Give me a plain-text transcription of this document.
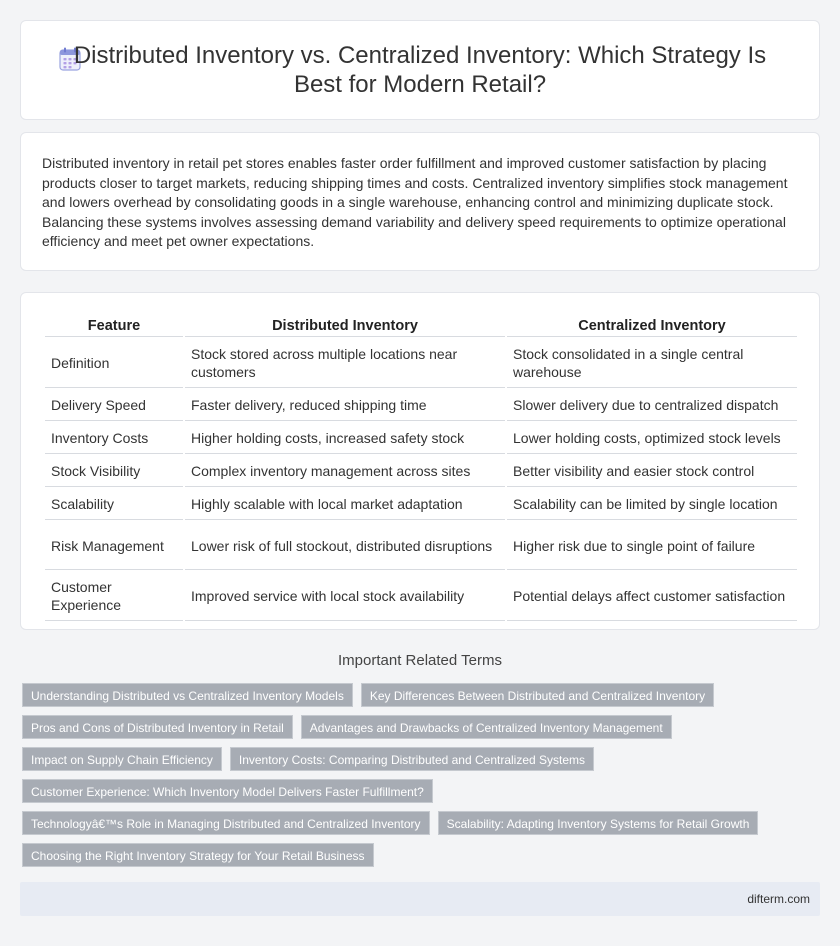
Distributed Inventory vs. Centralized Inventory: Which Strategy Is Best for Modern Retail?

Distributed inventory in retail pet stores enables faster order fulfillment and improved customer satisfaction by placing products closer to target markets, reducing shipping times and costs. Centralized inventory simplifies stock management and lowers overhead by consolidating goods in a single warehouse, enhancing control and minimizing duplicate stock. Balancing these systems involves assessing demand variability and delivery speed requirements to optimize operational efficiency and meet pet owner expectations.

Feature	Distributed Inventory	Centralized Inventory
Definition	Stock stored across multiple locations near customers	Stock consolidated in a single central warehouse
Delivery Speed	Faster delivery, reduced shipping time	Slower delivery due to centralized dispatch
Inventory Costs	Higher holding costs, increased safety stock	Lower holding costs, optimized stock levels
Stock Visibility	Complex inventory management across sites	Better visibility and easier stock control
Scalability	Highly scalable with local market adaptation	Scalability can be limited by single location
Risk Management	Lower risk of full stockout, distributed disruptions	Higher risk due to single point of failure
Customer Experience	Improved service with local stock availability	Potential delays affect customer satisfaction
Important Related Terms
Understanding Distributed vs Centralized Inventory Models	Key Differences Between Distributed and Centralized Inventory
Pros and Cons of Distributed Inventory in Retail	Advantages and Drawbacks of Centralized Inventory Management
Impact on Supply Chain Efficiency	Inventory Costs: Comparing Distributed and Centralized Systems
Customer Experience: Which Inventory Model Delivers Faster Fulfillment?
Technologyâ€™s Role in Managing Distributed and Centralized Inventory	Scalability: Adapting Inventory Systems for Retail Growth
Choosing the Right Inventory Strategy for Your Retail Business
difterm.com
